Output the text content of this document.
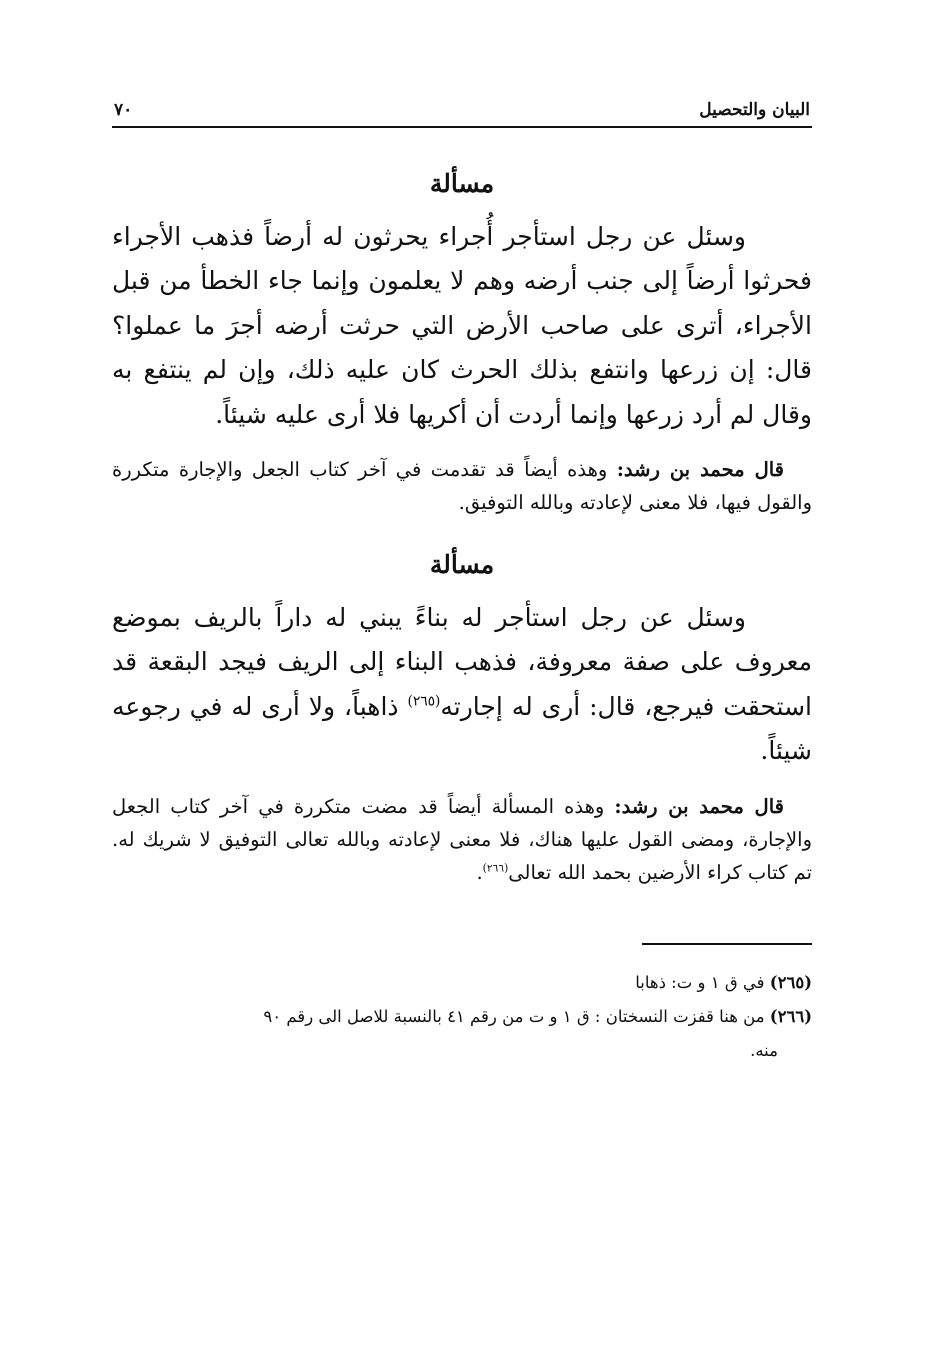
البيان والتحصيل
٧٠
مسألة

وسئل عن رجل استأجر أُجراء يحرثون له أرضاً فذهب الأجراء فحرثوا أرضاً إلى جنب أرضه وهم لا يعلمون وإنما جاء الخطأ من قبل الأجراء، أترى على صاحب الأرض التي حرثت أرضه أجرَ ما عملوا؟ قال: إن زرعها وانتفع بذلك الحرث كان عليه ذلك، وإن لم ينتفع به وقال لم أرد زرعها وإنما أردت أن أكريها فلا أرى عليه شيئاً.

قال محمد بن رشد: وهذه أيضاً قد تقدمت في آخر كتاب الجعل والإجارة متكررة والقول فيها، فلا معنى لإعادته وبالله التوفيق.

مسألة

وسئل عن رجل استأجر له بناءً يبني له داراً بالريف بموضع معروف على صفة معروفة، فذهب البناء إلى الريف فيجد البقعة قد استحقت فيرجع، قال: أرى له إجارته$^{(٢٦٥)}$ ذاهباً، ولا أرى له في رجوعه شيئاً.

قال محمد بن رشد: وهذه المسألة أيضاً قد مضت متكررة في آخر كتاب الجعل والإجارة، ومضى القول عليها هناك، فلا معنى لإعادته وبالله تعالى التوفيق لا شريك له. تم كتاب كراء الأرضين بحمد الله تعالى$^{(٢٦٦)}$.

(٢٦٥) في ق ١ و ت: ذهابا

(٢٦٦) من هنا قفزت النسختان : ق ١ و ت من رقم ٤١ بالنسبة للاصل الى رقم ٩٠

منه.
